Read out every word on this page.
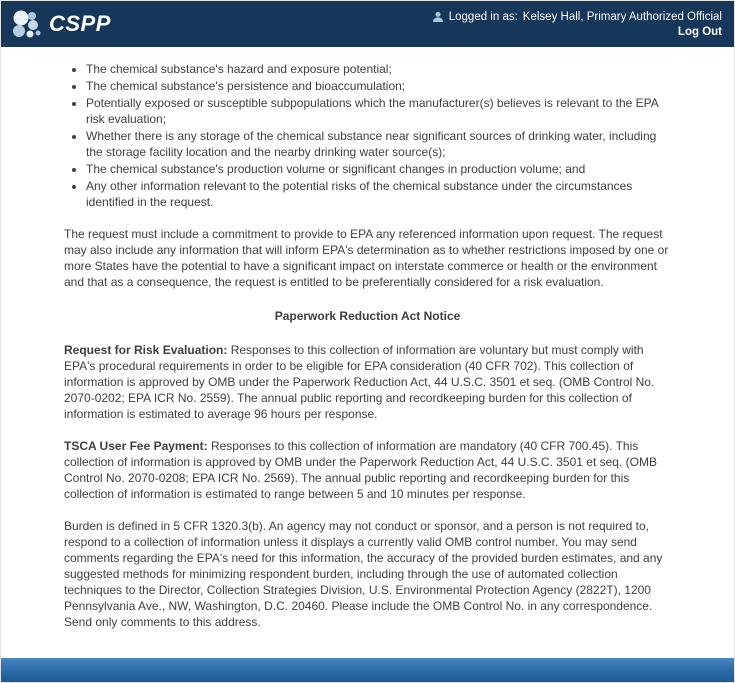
CSPP	Logged in as: Kelsey Hall, Primary Authorized Official
Log Out
• The chemical substance's hazard and exposure potential;
• The chemical substance's persistence and bioaccumulation;
• Potentially exposed or susceptible subpopulations which the manufacturer(s) believes is relevant to the EPA risk evaluation;
• Whether there is any storage of the chemical substance near significant sources of drinking water, including the storage facility location and the nearby drinking water source(s);
• The chemical substance's production volume or significant changes in production volume; and
• Any other information relevant to the potential risks of the chemical substance under the circumstances identified in the request.

The request must include a commitment to provide to EPA any referenced information upon request. The request may also include any information that will inform EPA's determination as to whether restrictions imposed by one or more States have the potential to have a significant impact on interstate commerce or health or the environment and that as a consequence, the request is entitled to be preferentially considered for a risk evaluation.

Paperwork Reduction Act Notice

Request for Risk Evaluation: Responses to this collection of information are voluntary but must comply with EPA's procedural requirements in order to be eligible for EPA consideration (40 CFR 702). This collection of information is approved by OMB under the Paperwork Reduction Act, 44 U.S.C. 3501 et seq. (OMB Control No. 2070-0202; EPA ICR No. 2559). The annual public reporting and recordkeeping burden for this collection of information is estimated to average 96 hours per response.

TSCA User Fee Payment: Responses to this collection of information are mandatory (40 CFR 700.45). This collection of information is approved by OMB under the Paperwork Reduction Act, 44 U.S.C. 3501 et seq. (OMB Control No. 2070-0208; EPA ICR No. 2569). The annual public reporting and recordkeeping burden for this collection of information is estimated to range between 5 and 10 minutes per response.

Burden is defined in 5 CFR 1320.3(b). An agency may not conduct or sponsor, and a person is not required to, respond to a collection of information unless it displays a currently valid OMB control number. You may send comments regarding the EPA's need for this information, the accuracy of the provided burden estimates, and any suggested methods for minimizing respondent burden, including through the use of automated collection techniques to the Director, Collection Strategies Division, U.S. Environmental Protection Agency (2822T), 1200 Pennsylvania Ave., NW, Washington, D.C. 20460. Please include the OMB Control No. in any correspondence. Send only comments to this address.
